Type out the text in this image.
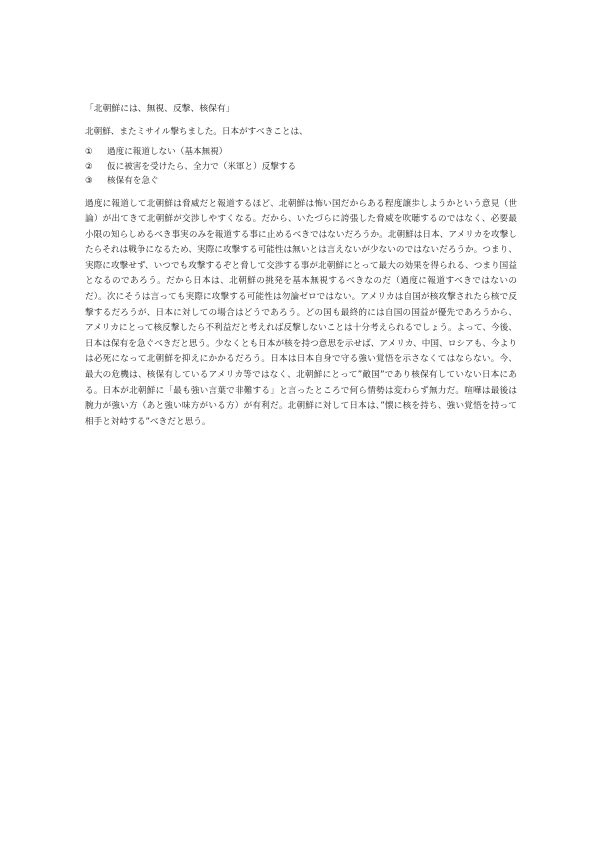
「北朝鮮には、無視、反撃、核保有」

北朝鮮、またミサイル撃ちました。日本がすべきことは、

①	過度に報道しない（基本無視）
②	仮に被害を受けたら、全力で（米軍と）反撃する
③	核保有を急ぐ

過度に報道して北朝鮮は脅威だと報道するほど、北朝鮮は怖い国だからある程度譲歩しようかという意見（世論）が出てきて北朝鮮が交渉しやすくなる。だから、いたづらに誇張した脅威を吹聴するのではなく、必要最小限の知らしめるべき事実のみを報道する事に止めるべきではないだろうか。北朝鮮は日本、アメリカを攻撃したらそれは戦争になるため、実際に攻撃する可能性は無いとは言えないが少ないのではないだろうか。つまり、実際に攻撃せず、いつでも攻撃するぞと脅して交渉する事が北朝鮮にとって最大の効果を得られる、つまり国益となるのであろう。だから日本は、北朝鮮の挑発を基本無視するべきなのだ（過度に報道すべきではないのだ）。次にそうは言っても実際に攻撃する可能性は勿論ゼロではない。アメリカは自国が核攻撃されたら核で反撃するだろうが、日本に対しての場合はどうであろう。どの国も最終的には自国の国益が優先であろうから、アメリカにとって核反撃したら不利益だと考えれば反撃しないことは十分考えられるでしょう。よって、今後、日本は保有を急ぐべきだと思う。少なくとも日本が核を持つ意思を示せば、アメリカ、中国、ロシアも、今よりは必死になって北朝鮮を抑えにかかるだろう。日本は日本自身で守る強い覚悟を示さなくてはならない。今、最大の危機は、核保有しているアメリカ等ではなく、北朝鮮にとって”敵国”であり核保有していない日本にある。日本が北朝鮮に「最も強い言葉で非難する」と言ったところで何ら情勢は変わらず無力だ。喧嘩は最後は腕力が強い方（あと強い味方がいる方）が有利だ。北朝鮮に対して日本は、”懐に核を持ち、強い覚悟を持って相手と対峙する”べきだと思う。
